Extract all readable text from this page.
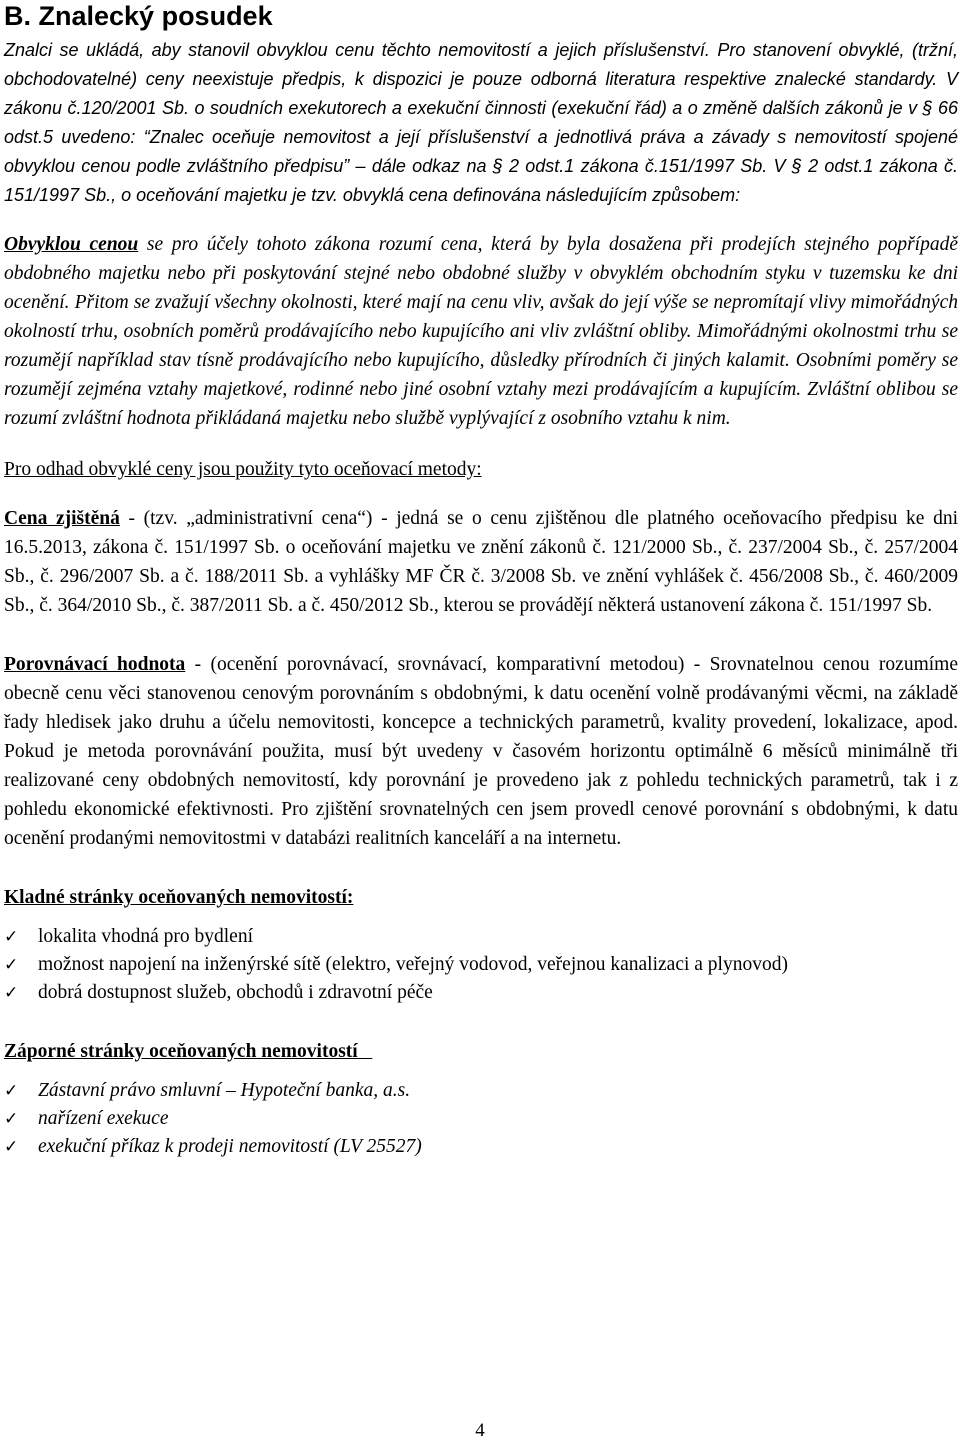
B. Znalecký posudek

Znalci se ukládá, aby stanovil obvyklou cenu těchto nemovitostí a jejich příslušenství. Pro stanovení obvyklé, (tržní, obchodovatelné) ceny neexistuje předpis, k dispozici je pouze odborná literatura respektive znalecké standardy. V zákonu č.120/2001 Sb. o soudních exekutorech a exekuční činnosti (exekuční řád) a o změně dalších zákonů je v § 66 odst.5 uvedeno: “Znalec oceňuje nemovitost a její příslušenství a jednotlivá práva a závady s nemovitostí spojené obvyklou cenou podle zvláštního předpisu” – dále odkaz na § 2 odst.1 zákona č.151/1997 Sb. V § 2 odst.1 zákona č. 151/1997 Sb., o oceňování majetku je tzv. obvyklá cena definována následujícím způsobem:

Obvyklou cenou se pro účely tohoto zákona rozumí cena, která by byla dosažena při prodejích stejného popřípadě obdobného majetku nebo při poskytování stejné nebo obdobné služby v obvyklém obchodním styku v tuzemsku ke dni ocenění. Přitom se zvažují všechny okolnosti, které mají na cenu vliv, avšak do její výše se nepromítají vlivy mimořádných okolností trhu, osobních poměrů prodávajícího nebo kupujícího ani vliv zvláštní obliby. Mimořádnými okolnostmi trhu se rozumějí například stav tísně prodávajícího nebo kupujícího, důsledky přírodních či jiných kalamit. Osobními poměry se rozumějí zejména vztahy majetkové, rodinné nebo jiné osobní vztahy mezi prodávajícím a kupujícím. Zvláštní oblibou se rozumí zvláštní hodnota přikládaná majetku nebo službě vyplývající z osobního vztahu k nim.

Pro odhad obvyklé ceny jsou použity tyto oceňovací metody:

Cena zjištěná - (tzv. „administrativní cena“) - jedná se o cenu zjištěnou dle platného oceňovacího předpisu ke dni 16.5.2013, zákona č. 151/1997 Sb. o oceňování majetku ve znění zákonů č. 121/2000 Sb., č. 237/2004 Sb., č. 257/2004 Sb., č. 296/2007 Sb. a č. 188/2011 Sb. a vyhlášky MF ČR č. 3/2008 Sb. ve znění vyhlášek č. 456/2008 Sb., č. 460/2009 Sb., č. 364/2010 Sb., č. 387/2011 Sb. a č. 450/2012 Sb., kterou se provádějí některá ustanovení zákona č. 151/1997 Sb.

Porovnávací hodnota - (ocenění porovnávací, srovnávací, komparativní metodou) - Srovnatelnou cenou rozumíme obecně cenu věci stanovenou cenovým porovnáním s obdobnými, k datu ocenění volně prodávanými věcmi, na základě řady hledisek jako druhu a účelu nemovitosti, koncepce a technických parametrů, kvality provedení, lokalizace, apod. Pokud je metoda porovnávání použita, musí být uvedeny v časovém horizontu optimálně 6 měsíců minimálně tři realizované ceny obdobných nemovitostí, kdy porovnání je provedeno jak z pohledu technických parametrů, tak i z pohledu ekonomické efektivnosti. Pro zjištění srovnatelných cen jsem provedl cenové porovnání s obdobnými, k datu ocenění prodanými nemovitostmi v databázi realitních kanceláří a na internetu.

Kladné stránky oceňovaných nemovitostí:

✓ lokalita vhodná pro bydlení
✓ možnost napojení na inženýrské sítě (elektro, veřejný vodovod, veřejnou kanalizaci a plynovod)
✓ dobrá dostupnost služeb, obchodů i zdravotní péče

Záporné stránky oceňovaných nemovitostí

✓ Zástavní právo smluvní – Hypoteční banka, a.s.
✓ nařízení exekuce
✓ exekuční příkaz k prodeji nemovitostí (LV 25527)
4
